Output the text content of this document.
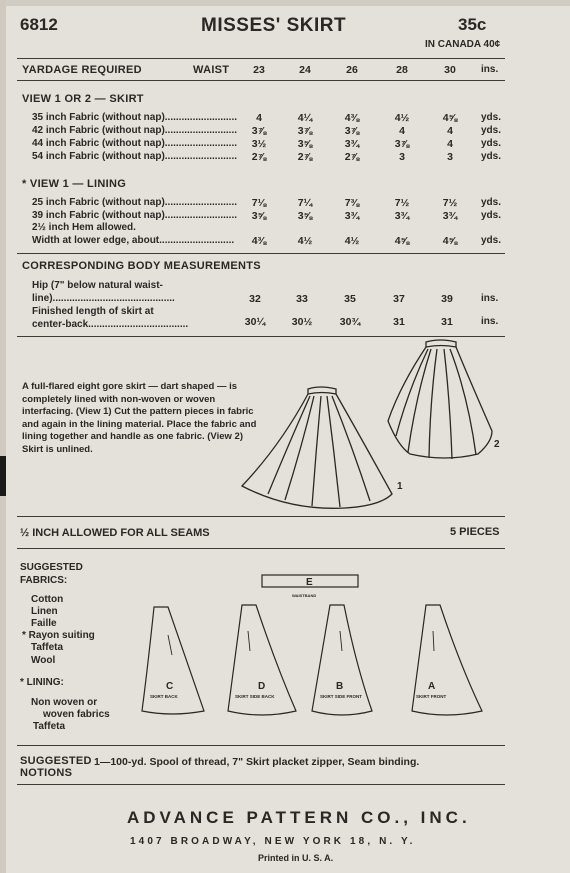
6812	MISSES' SKIRT	35c
IN CANADA 40¢
YARDAGE REQUIRED	WAIST	23	24	26	28	30	ins.
VIEW 1 OR 2 — SKIRT
35 inch Fabric (without nap)..........................	4	4¼	4⅜	4½	4⅝	yds.
42 inch Fabric (without nap)..........................	3⅞	3⅞	3⅞	4	4	yds.
44 inch Fabric (without nap)..........................	3½	3⅝	3¾	3⅞	4	yds.
54 inch Fabric (without nap)..........................	2⅞	2⅞	2⅞	3	3	yds.
* VIEW 1 — LINING
25 inch Fabric (without nap)..........................	7⅛	7¼	7⅜	7½	7½	yds.
39 inch Fabric (without nap)..........................	3⅝	3⅝	3¾	3¾	3¾	yds.
2½ inch Hem allowed.
Width at lower edge, about...........................	4⅜	4½	4½	4⅝	4⅝	yds.
CORRESPONDING BODY MEASUREMENTS
Hip (7" below natural waist-
line)............................................	32	33	35	37	39	ins.
Finished length of skirt at
center-back....................................	30¼	30½	30¾	31	31	ins.
A full-flared eight gore skirt — dart shaped — is completely lined with non-woven or woven interfacing. (View 1) Cut the pattern pieces in fabric and again in the lining material. Place the fabric and lining together and handle as one fabric. (View 2) Skirt is unlined.
1
2
½ INCH ALLOWED FOR ALL SEAMS	5 PIECES
SUGGESTED
FABRICS:
Cotton
Linen
Faille
* Rayon suiting
Taffeta
Wool
* LINING:
Non woven or
woven fabrics
Taffeta
E
WAISTBAND
C
SKIRT BACK
D
SKIRT SIDE BACK
B
SKIRT SIDE FRONT
A
SKIRT FRONT
SUGGESTED
NOTIONS
1—100-yd. Spool of thread, 7" Skirt placket zipper, Seam binding.
ADVANCE PATTERN CO., INC.
1407 BROADWAY, NEW YORK 18, N. Y.
Printed in U. S. A.
